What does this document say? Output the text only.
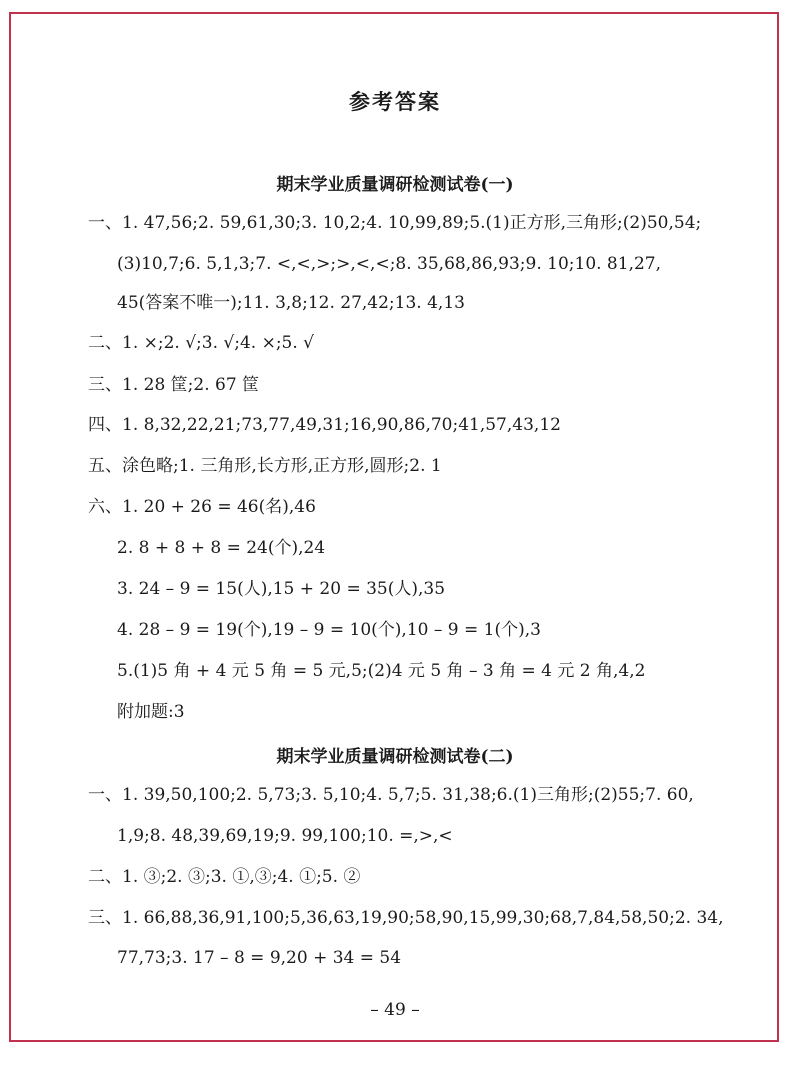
参考答案
期末学业质量调研检测试卷(一)
一、1. 47,56;2. 59,61,30;3. 10,2;4. 10,99,89;5.(1)正方形,三角形;(2)50,54;
(3)10,7;6. 5,1,3;7. <,<,>;>,<,<;8. 35,68,86,93;9. 10;10. 81,27,
45(答案不唯一);11. 3,8;12. 27,42;13. 4,13
二、1. ×;2. √;3. √;4. ×;5. √
三、1. 28 筐;2. 67 筐
四、1. 8,32,22,21;73,77,49,31;16,90,86,70;41,57,43,12
五、涂色略;1. 三角形,长方形,正方形,圆形;2. 1
六、1. 20 + 26 = 46(名),46
2. 8 + 8 + 8 = 24(个),24
3. 24 – 9 = 15(人),15 + 20 = 35(人),35
4. 28 – 9 = 19(个),19 – 9 = 10(个),10 – 9 = 1(个),3
5.(1)5 角 + 4 元 5 角 = 5 元,5;(2)4 元 5 角 – 3 角 = 4 元 2 角,4,2
附加题:3
期末学业质量调研检测试卷(二)
一、1. 39,50,100;2. 5,73;3. 5,10;4. 5,7;5. 31,38;6.(1)三角形;(2)55;7. 60,
1,9;8. 48,39,69,19;9. 99,100;10. =,>,<
二、1. ③;2. ③;3. ①,③;4. ①;5. ②
三、1. 66,88,36,91,100;5,36,63,19,90;58,90,15,99,30;68,7,84,58,50;2. 34,
77,73;3. 17 – 8 = 9,20 + 34 = 54
– 49 –
